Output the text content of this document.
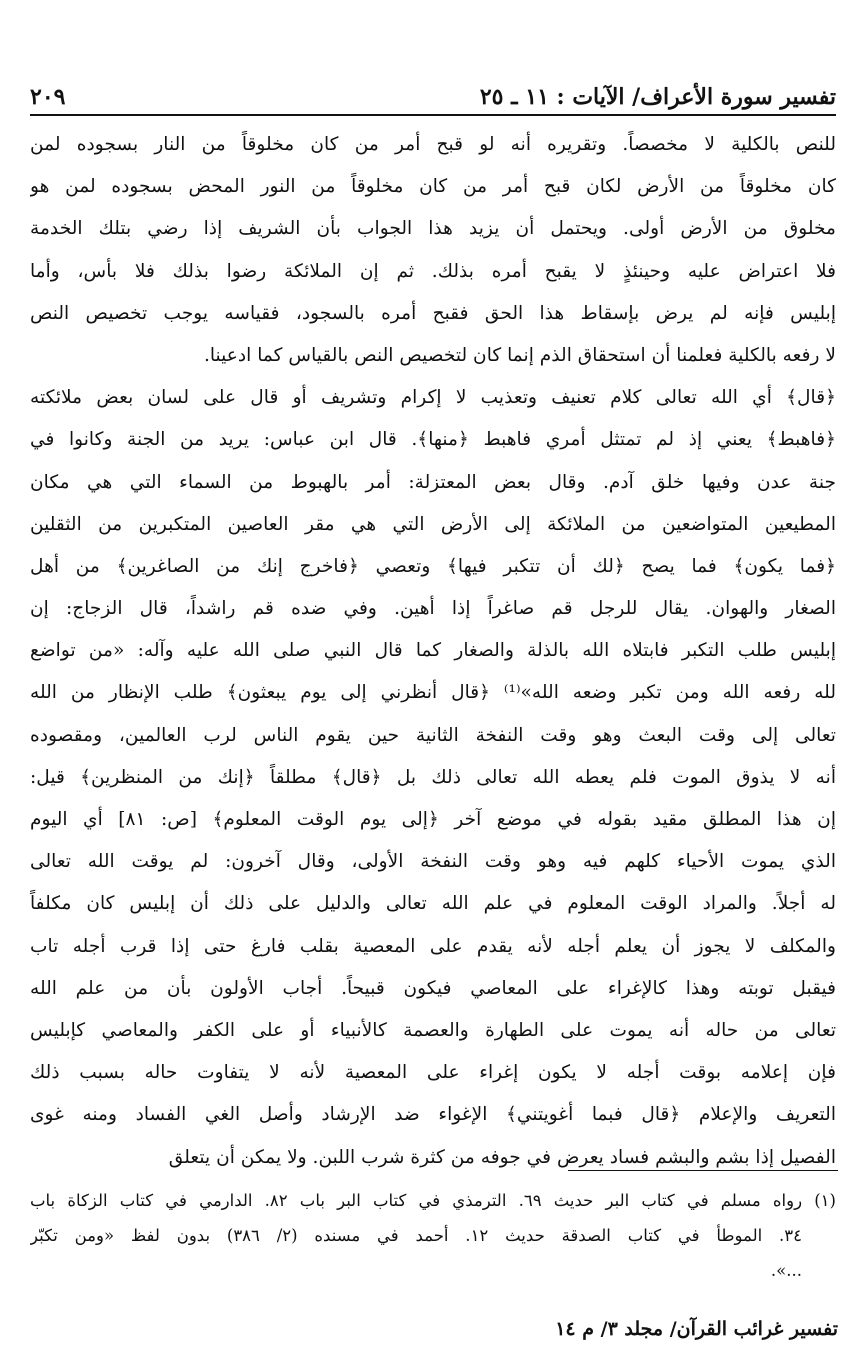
تفسير سورة الأعراف/ الآيات : ١١ ـ ٢٥
٢٠٩
للنص بالكلية لا مخصصاً. وتقريره أنه لو قبح أمر من كان مخلوقاً من النار بسجوده لمن
كان مخلوقاً من الأرض لكان قبح أمر من كان مخلوقاً من النور المحض بسجوده لمن هو
مخلوق من الأرض أولى. ويحتمل أن يزيد هذا الجواب بأن الشريف إذا رضي بتلك الخدمة
فلا اعتراض عليه وحينئذٍ لا يقبح أمره بذلك. ثم إن الملائكة رضوا بذلك فلا بأس، وأما
إبليس فإنه لم يرض بإسقاط هذا الحق فقبح أمره بالسجود، فقياسه يوجب تخصيص النص
لا رفعه بالكلية فعلمنا أن استحقاق الذم إنما كان لتخصيص النص بالقياس كما ادعينا.
﴿قال﴾ أي الله تعالى كلام تعنيف وتعذيب لا إكرام وتشريف أو قال على لسان بعض ملائكته
﴿فاهبط﴾ يعني إذ لم تمتثل أمري فاهبط ﴿منها﴾. قال ابن عباس: يريد من الجنة وكانوا في
جنة عدن وفيها خلق آدم. وقال بعض المعتزلة: أمر بالهبوط من السماء التي هي مكان
المطيعين المتواضعين من الملائكة إلى الأرض التي هي مقر العاصين المتكبرين من الثقلين
﴿فما يكون﴾ فما يصح ﴿لك أن تتكبر فيها﴾ وتعصي ﴿فاخرج إنك من الصاغرين﴾ من أهل
الصغار والهوان. يقال للرجل قم صاغراً إذا أهين. وفي ضده قم راشداً، قال الزجاج: إن
إبليس طلب التكبر فابتلاه الله بالذلة والصغار كما قال النبي صلى الله عليه وآله: «من تواضع
لله رفعه الله ومن تكبر وضعه الله»⁽¹⁾ ﴿قال أنظرني إلى يوم يبعثون﴾ طلب الإنظار من الله
تعالى إلى وقت البعث وهو وقت النفخة الثانية حين يقوم الناس لرب العالمين، ومقصوده
أنه لا يذوق الموت فلم يعطه الله تعالى ذلك بل ﴿قال﴾ مطلقاً ﴿إنك من المنظرين﴾ قيل:
إن هذا المطلق مقيد بقوله في موضع آخر ﴿إلى يوم الوقت المعلوم﴾ [ص: ٨١] أي اليوم
الذي يموت الأحياء كلهم فيه وهو وقت النفخة الأولى، وقال آخرون: لم يوقت الله تعالى
له أجلاً. والمراد الوقت المعلوم في علم الله تعالى والدليل على ذلك أن إبليس كان مكلفاً
والمكلف لا يجوز أن يعلم أجله لأنه يقدم على المعصية بقلب فارغ حتى إذا قرب أجله تاب
فيقبل توبته وهذا كالإغراء على المعاصي فيكون قبيحاً. أجاب الأولون بأن من علم الله
تعالى من حاله أنه يموت على الطهارة والعصمة كالأنبياء أو على الكفر والمعاصي كإبليس
فإن إعلامه بوقت أجله لا يكون إغراء على المعصية لأنه لا يتفاوت حاله بسبب ذلك
التعريف والإعلام ﴿قال فبما أغويتني﴾ الإغواء ضد الإرشاد وأصل الغي الفساد ومنه غوى
الفصيل إذا بشم والبشم فساد يعرض في جوفه من كثرة شرب اللبن. ولا يمكن أن يتعلق
(١) رواه مسلم في كتاب البر حديث ٦٩. الترمذي في كتاب البر باب ٨٢. الدارمي في كتاب الزكاة باب
٣٤. الموطأ في كتاب الصدقة حديث ١٢. أحمد في مسنده (٢/ ٣٨٦) بدون لفظ «ومن تكبّر
...».
تفسير غرائب القرآن/ مجلد ٣/ م ١٤
